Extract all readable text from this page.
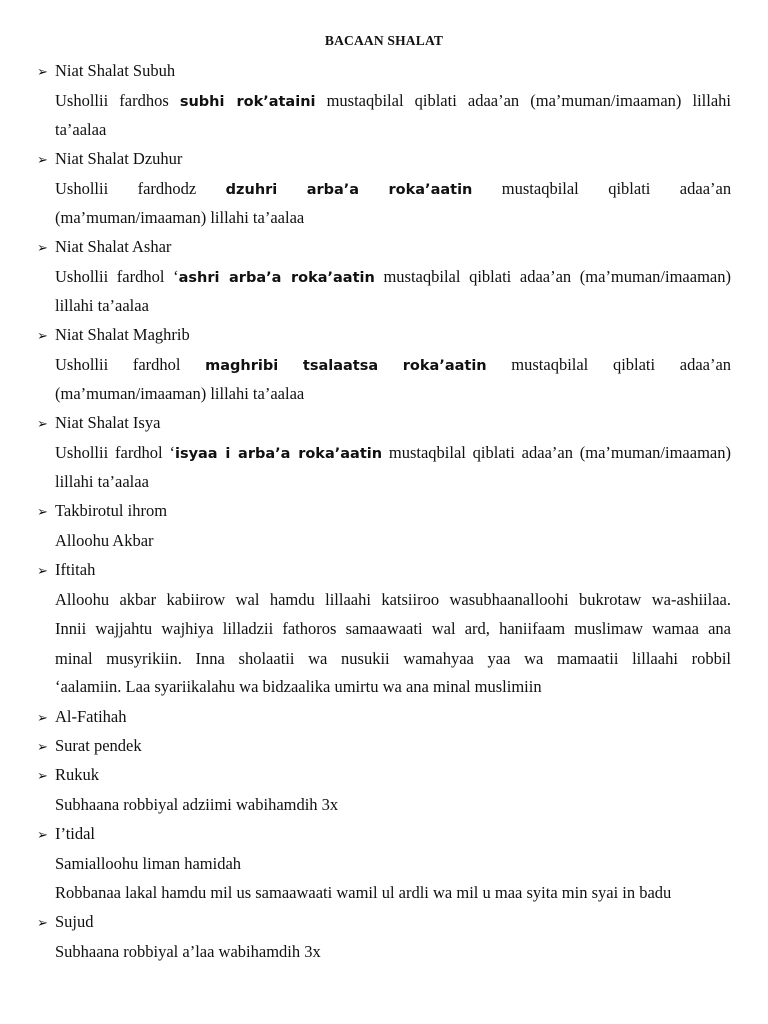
BACAAN SHALAT
➢ Niat Shalat Subuh
Ushollii fardhos subhi rok’ataini mustaqbilal qiblati adaa’an (ma’muman/imaaman) lillahi
ta’aalaa
➢ Niat Shalat Dzuhur
Ushollii fardhodz dzuhri arba’a roka’aatin mustaqbilal qiblati adaa’an
(ma’muman/imaaman) lillahi ta’aalaa
➢ Niat Shalat Ashar
Ushollii fardhol ‘ashri arba’a roka’aatin mustaqbilal qiblati adaa’an (ma’muman/imaaman)
lillahi ta’aalaa
➢ Niat Shalat Maghrib
Ushollii fardhol maghribi tsalaatsa roka’aatin mustaqbilal qiblati adaa’an
(ma’muman/imaaman) lillahi ta’aalaa
➢ Niat Shalat Isya
Ushollii fardhol ‘isyaa i arba’a roka’aatin mustaqbilal qiblati adaa’an (ma’muman/imaaman)
lillahi ta’aalaa
➢ Takbirotul ihrom
Alloohu Akbar
➢ Iftitah
Alloohu akbar kabiirow wal hamdu lillaahi katsiiroo wasubhaanalloohi bukrotaw wa-ashiilaa.
Innii wajjahtu wajhiya lilladzii fathoros samaawaati wal ard, haniifaam muslimaw wamaa ana
minal musyrikiin. Inna sholaatii wa nusukii wamahyaa yaa wa mamaatii lillaahi robbil
‘aalamiin. Laa syariikalahu wa bidzaalika umirtu wa ana minal muslimiin
➢ Al-Fatihah
➢ Surat pendek
➢ Rukuk
Subhaana robbiyal adziimi wabihamdih 3x
➢ I’tidal
Samialloohu liman hamidah
Robbanaa lakal hamdu mil us samaawaati wamil ul ardli wa mil u maa syita min syai in badu
➢ Sujud
Subhaana robbiyal a’laa wabihamdih 3x
